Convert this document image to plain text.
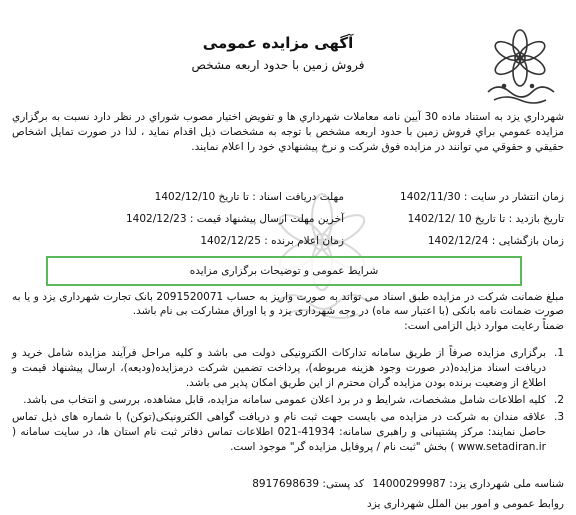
آگهی مزایده عمومی
فروش زمین با حدود اربعه مشخص
شهرداري يزد به استناد ماده 30 آيين نامه معاملات شهرداري ها و تفويض اختيار مصوب شوراي در نظر دارد نسبت به برگزاري مزايده عمومي براي فروش زمين با حدود اربعه مشخص با توجه به مشخصات ذيل اقدام نمايد ، لذا در صورت تمايل اشخاص حقيقي و حقوقي مي توانند در مزايده فوق شركت و نرخ پيشنهادي خود را اعلام نمايند.
زمان انتشار در سایت : 1402/11/30
مهلت دریافت اسناد : تا تاریخ 1402/12/10
تاریخ بازدید : تا تاریخ 10 /1402/12
آخرین مهلت ارسال پیشنهاد قیمت : 1402/12/23
زمان بازگشایی : 1402/12/24
زمان اعلام برنده : 1402/12/25
شرایط عمومی و توضیحات برگزاری مزایده
مبلغ ضمانت شرکت در مزایده طبق اسناد می تواند به صورت واریز به حساب 2091520071 بانک تجارت شهرداری یزد و یا به صورت ضمانت نامه بانکی (با اعتبار سه ماه) در وجه شهرداری یزد و یا اوراق مشارکت بی نام باشد.
ضمناً رعایت موارد ذیل الزامی است:
1.
برگزاری مزایده صرفاً از طریق سامانه تدارکات الکترونیکی دولت می باشد و کلیه مراحل فرآیند مزایده شامل خرید و دریافت اسناد مزایده(در صورت وجود هزینه مربوطه)، پرداخت تضمین شرکت درمزایده(ودیعه)، ارسال پیشنهاد قیمت و اطلاع از وضعیت برنده بودن مزایده گران محترم از این طریق امکان پذیر می باشد.
2.
کلیه اطلاعات شامل مشخصات، شرایط و در برد اعلان عمومی سامانه مزایده، قابل مشاهده، بررسی و انتخاب می باشد.
3.
علاقه مندان به شرکت در مزایده می بایست جهت ثبت نام و دریافت گواهی الکترونیکی(توکن) با شماره های ذیل تماس حاصل نمایند: مرکز پشتیبانی و راهبری سامانه: 41934-021 اطلاعات تماس دفاتر ثبت نام استان ها، در سایت سامانه ( www.setadiran.ir ) بخش "ثبت نام / پروفایل مزایده گر" موجود است.
شناسه ملی شهرداری یزد: 14000299987
کد پستی: 8917698639
روابط عمومی و امور بین الملل شهرداری یزد
